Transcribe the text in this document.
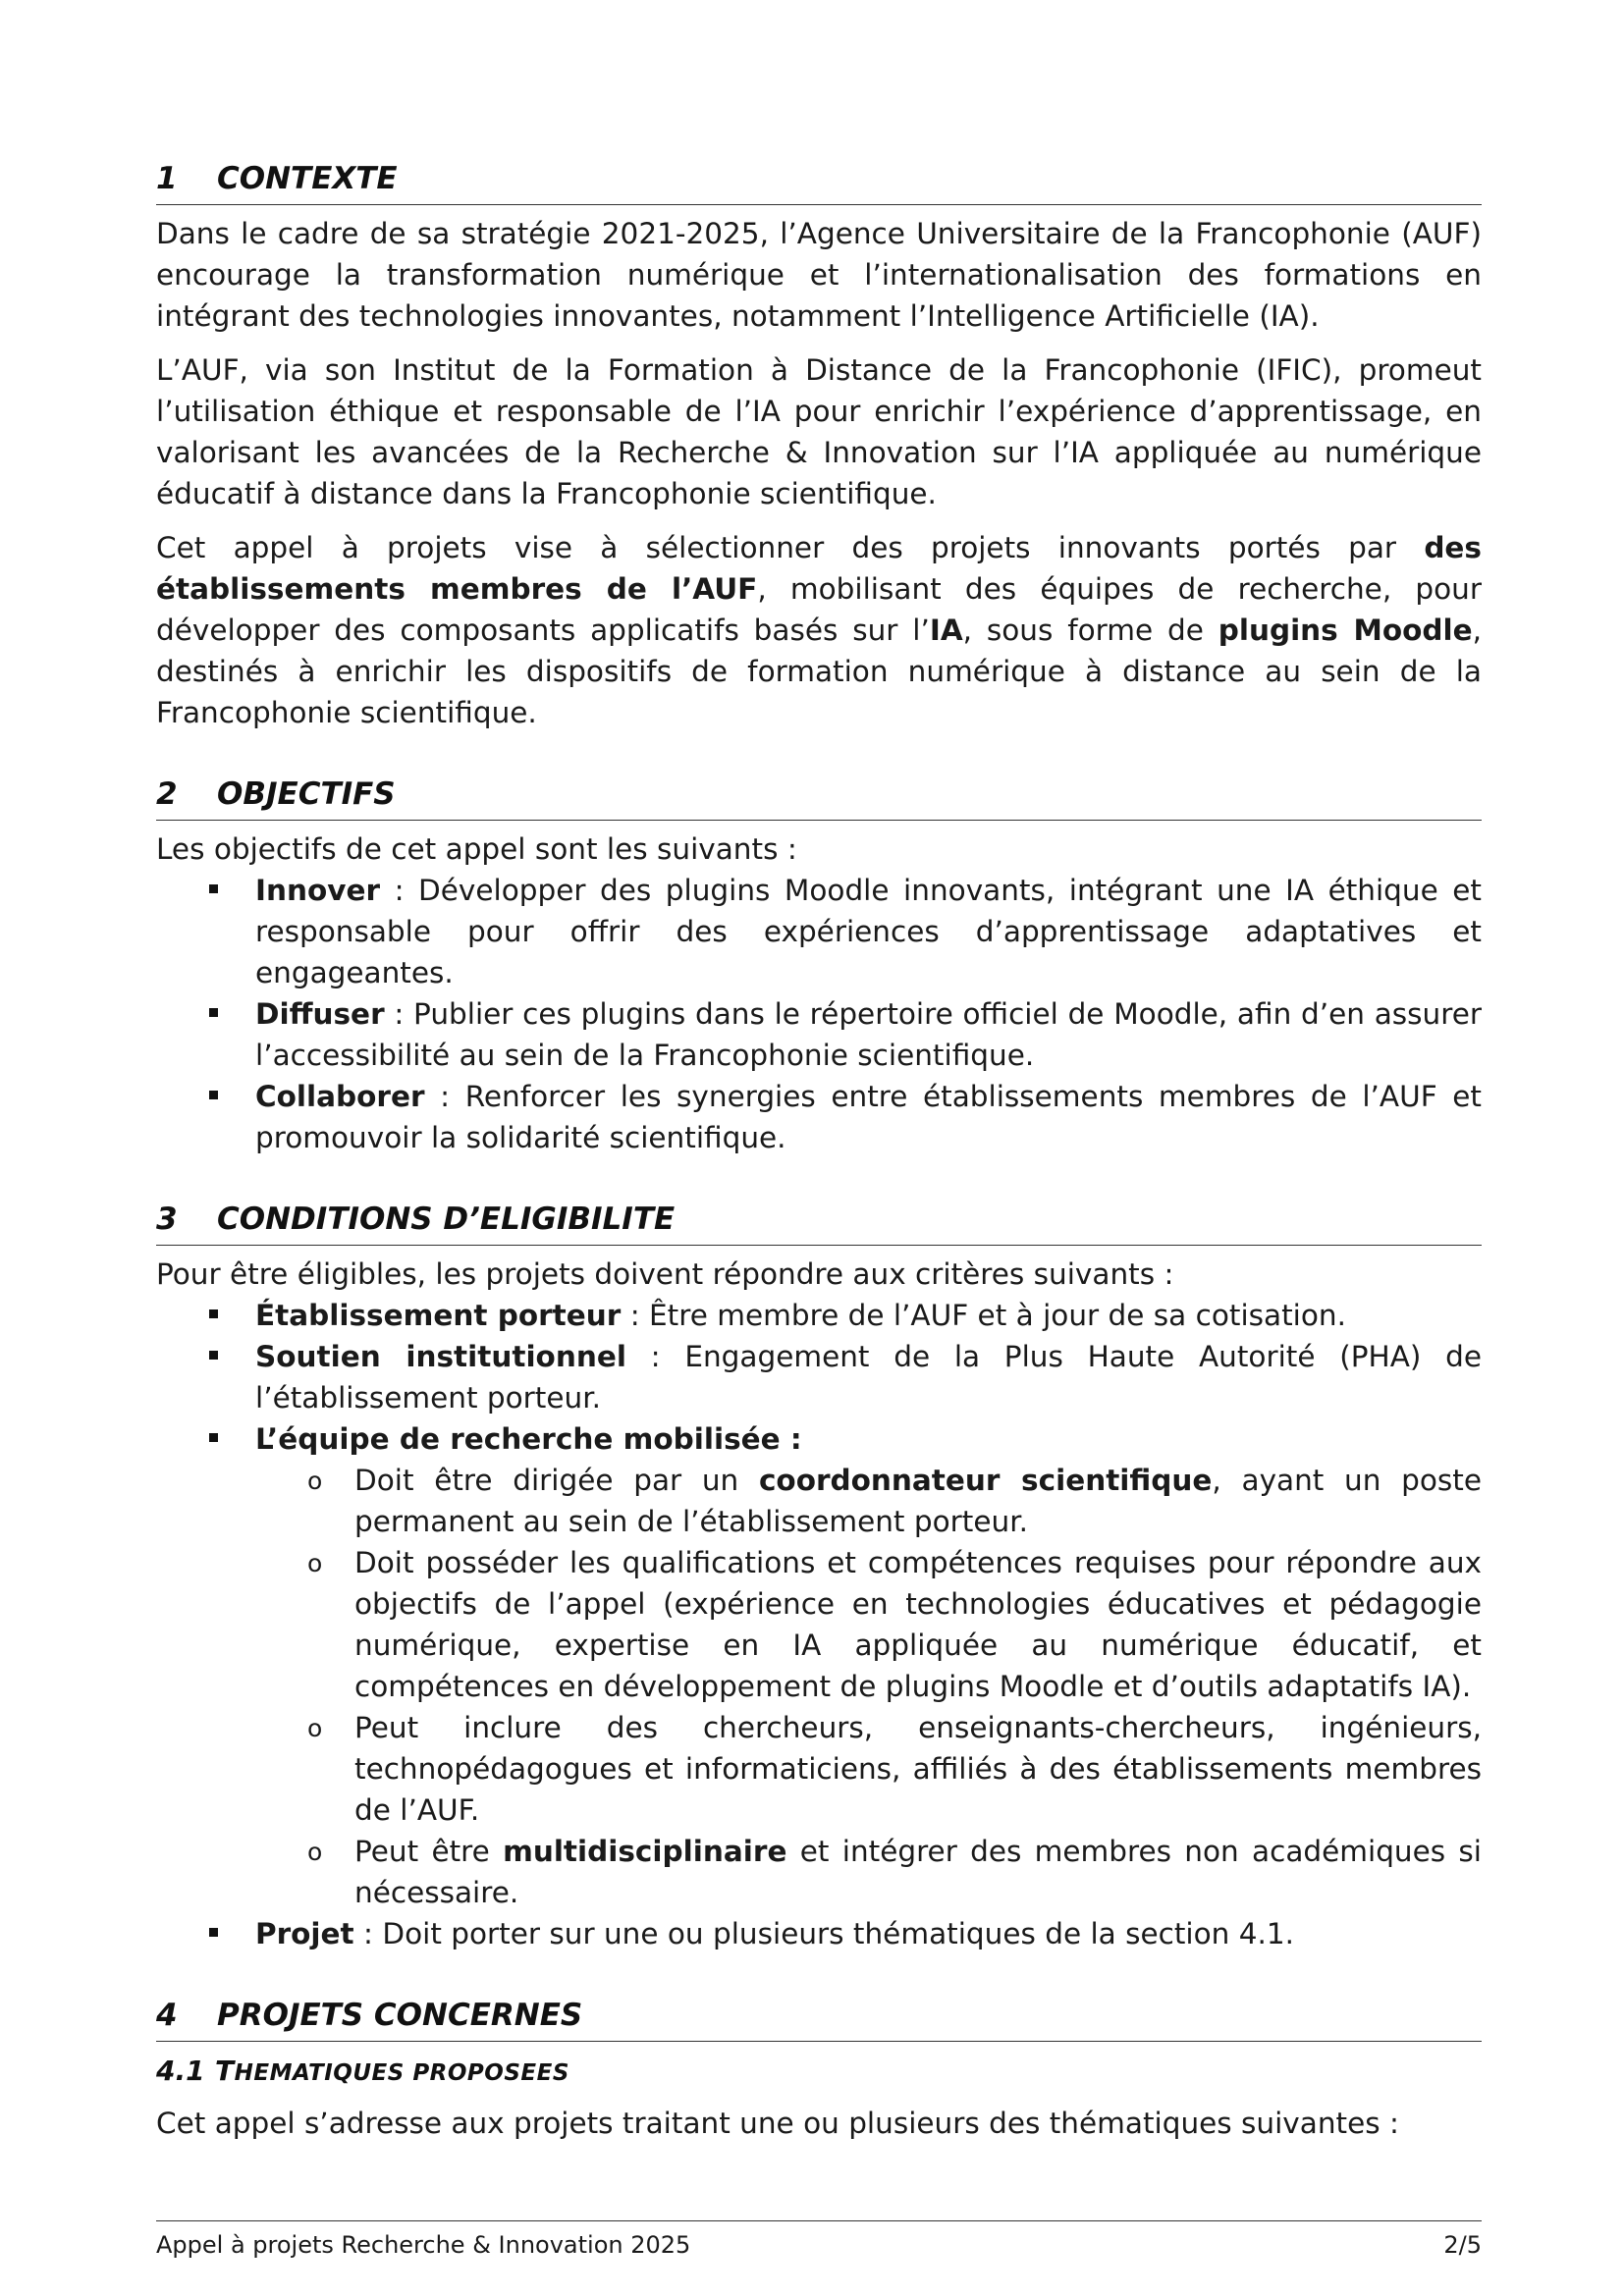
1	CONTEXTE

Dans le cadre de sa stratégie 2021-2025, l’Agence Universitaire de la Francophonie (AUF) encourage la transformation numérique et l’internationalisation des formations en intégrant des technologies innovantes, notamment l’Intelligence Artificielle (IA).

L’AUF, via son Institut de la Formation à Distance de la Francophonie (IFIC), promeut l’utilisation éthique et responsable de l’IA pour enrichir l’expérience d’apprentissage, en valorisant les avancées de la Recherche & Innovation sur l’IA appliquée au numérique éducatif à distance dans la Francophonie scientifique.

Cet appel à projets vise à sélectionner des projets innovants portés par des établissements membres de l’AUF, mobilisant des équipes de recherche, pour développer des composants applicatifs basés sur l’IA, sous forme de plugins Moodle, destinés à enrichir les dispositifs de formation numérique à distance au sein de la Francophonie scientifique.

2	OBJECTIFS

Les objectifs de cet appel sont les suivants :

Innover : Développer des plugins Moodle innovants, intégrant une IA éthique et responsable pour offrir des expériences d’apprentissage adaptatives et engageantes.
Diffuser : Publier ces plugins dans le répertoire officiel de Moodle, afin d’en assurer l’accessibilité au sein de la Francophonie scientifique.
Collaborer : Renforcer les synergies entre établissements membres de l’AUF et promouvoir la solidarité scientifique.
3	CONDITIONS D’ELIGIBILITE

Pour être éligibles, les projets doivent répondre aux critères suivants :

Établissement porteur : Être membre de l’AUF et à jour de sa cotisation.
Soutien institutionnel : Engagement de la Plus Haute Autorité (PHA) de l’établissement porteur.
L’équipe de recherche mobilisée :
o Doit être dirigée par un coordonnateur scientifique, ayant un poste permanent au sein de l’établissement porteur.
o Doit posséder les qualifications et compétences requises pour répondre aux objectifs de l’appel (expérience en technologies éducatives et pédagogie numérique, expertise en IA appliquée au numérique éducatif, et compétences en développement de plugins Moodle et d’outils adaptatifs IA).
o Peut inclure des chercheurs, enseignants-chercheurs, ingénieurs, technopédagogues et informaticiens, affiliés à des établissements membres de l’AUF.
o Peut être multidisciplinaire et intégrer des membres non académiques si nécessaire.
Projet : Doit porter sur une ou plusieurs thématiques de la section 4.1.
4	PROJETS CONCERNES
4.1 THEMATIQUES PROPOSEES

Cet appel s’adresse aux projets traitant une ou plusieurs des thématiques suivantes :

Appel à projets Recherche & Innovation 2025	2/5
